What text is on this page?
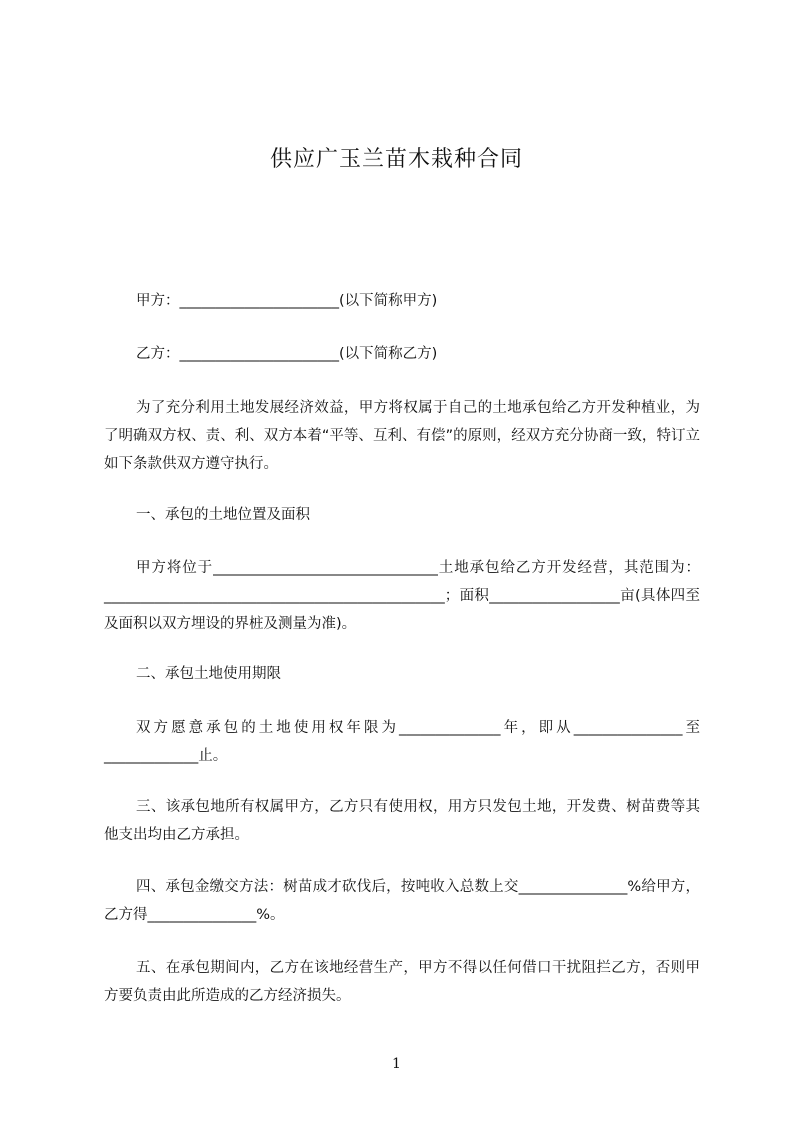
供应广玉兰苗木栽种合同

甲方：______________________(以下简称甲方)

乙方：______________________(以下简称乙方)

为了充分利用土地发展经济效益，甲方将权属于自己的土地承包给乙方开发种植业，为了明确双方权、责、利、双方本着“平等、互利、有偿”的原则，经双方充分协商一致，特订立如下条款供双方遵守执行。

一、承包的土地位置及面积

甲方将位于_______________________________土地承包给乙方开发经营，其范围为：_______________________________________________；面积__________________亩(具体四至及面积以双方埋设的界桩及测量为准)。

二、承包土地使用期限

双方愿意承包的土地使用权年限为______________年，即从_______________至_____________止。

三、该承包地所有权属甲方，乙方只有使用权，用方只发包土地，开发费、树苗费等其他支出均由乙方承担。

四、承包金缴交方法：树苗成才砍伐后，按吨收入总数上交_______________%给甲方，乙方得_______________%。

五、在承包期间内，乙方在该地经营生产，甲方不得以任何借口干扰阻拦乙方，否则甲方要负责由此所造成的乙方经济损失。

1
